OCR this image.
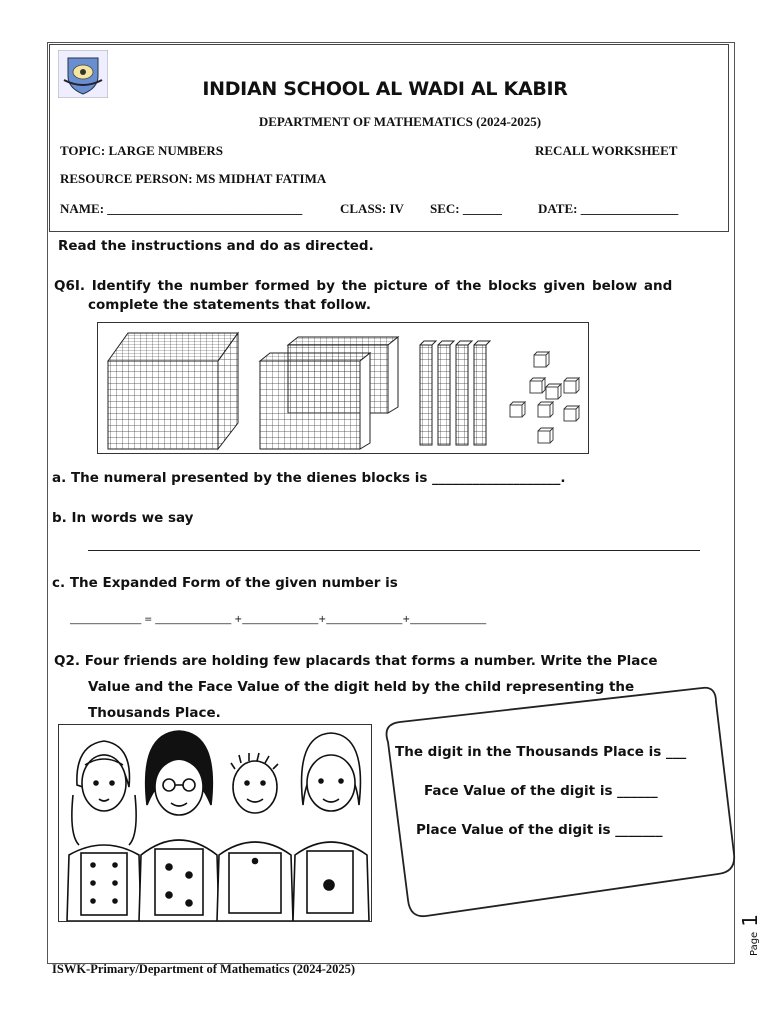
INDIAN SCHOOL AL WADI AL KABIR
DEPARTMENT OF MATHEMATICS (2024-2025)
TOPIC: LARGE NUMBERS	RECALL WORKSHEET
RESOURCE PERSON: MS MIDHAT FATIMA
NAME: ______________________________	CLASS: IV SEC: ______	DATE: _______________
Read the instructions and do as directed.
Q6I. Identify the number formed by the picture of the blocks given below and
complete the statements that follow.
a. The numeral presented by the dienes blocks is ___________________.
b. In words we say
c. The Expanded Form of the given number is
_______________ = ________________ +________________+________________+________________
Q2. Four friends are holding few placards that forms a number. Write the Place
Value and the Face Value of the digit held by the child representing the
Thousands Place.
The digit in the Thousands Place is ___
Face Value of the digit is ______
Place Value of the digit is _______
Page 1
ISWK-Primary/Department of Mathematics (2024-2025)
